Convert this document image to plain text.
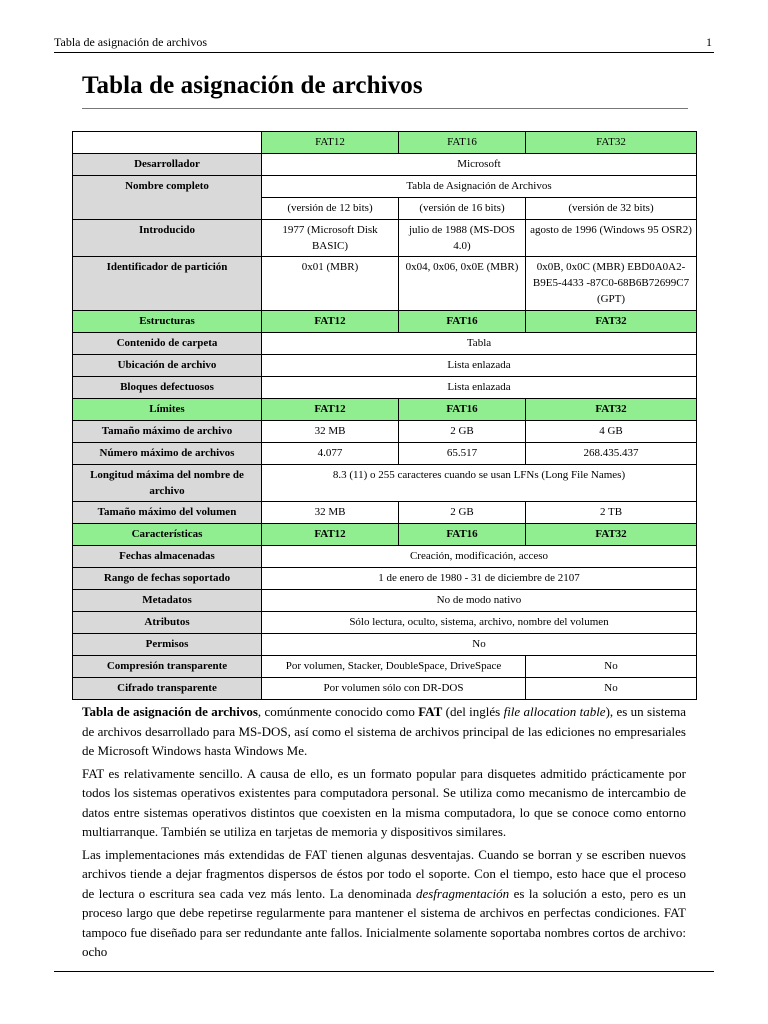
Tabla de asignación de archivos	1
Tabla de asignación de archivos
	FAT12	FAT16	FAT32
Desarrollador	Microsoft		
Nombre completo	Tabla de Asignación de Archivos		
	(versión de 12 bits)	(versión de 16 bits)	(versión de 32 bits)
Introducido	1977 (Microsoft Disk BASIC)	julio de 1988 (MS-DOS 4.0)	agosto de 1996 (Windows 95 OSR2)
Identificador de partición	0x01 (MBR)	0x04, 0x06, 0x0E (MBR)	0x0B, 0x0C (MBR) EBD0A0A2-B9E5-4433 -87C0-68B6B72699C7 (GPT)
Estructuras	FAT12	FAT16	FAT32
Contenido de carpeta	Tabla		
Ubicación de archivo	Lista enlazada		
Bloques defectuosos	Lista enlazada		
Límites	FAT12	FAT16	FAT32
Tamaño máximo de archivo	32 MB	2 GB	4 GB
Número máximo de archivos	4.077	65.517	268.435.437
Longitud máxima del nombre de archivo	8.3 (11) o 255 caracteres cuando se usan LFNs (Long File Names)		
Tamaño máximo del volumen	32 MB	2 GB	2 TB
Características	FAT12	FAT16	FAT32
Fechas almacenadas	Creación, modificación, acceso		
Rango de fechas soportado	1 de enero de 1980 - 31 de diciembre de 2107		
Metadatos	No de modo nativo		
Atributos	Sólo lectura, oculto, sistema, archivo, nombre del volumen		
Permisos	No		
Compresión transparente	Por volumen, Stacker, DoubleSpace, DriveSpace		No
Cifrado transparente	Por volumen sólo con DR-DOS		No

Tabla de asignación de archivos, comúnmente conocido como FAT (del inglés file allocation table), es un sistema de archivos desarrollado para MS-DOS, así como el sistema de archivos principal de las ediciones no empresariales de Microsoft Windows hasta Windows Me.

FAT es relativamente sencillo. A causa de ello, es un formato popular para disquetes admitido prácticamente por todos los sistemas operativos existentes para computadora personal. Se utiliza como mecanismo de intercambio de datos entre sistemas operativos distintos que coexisten en la misma computadora, lo que se conoce como entorno multiarranque. También se utiliza en tarjetas de memoria y dispositivos similares.

Las implementaciones más extendidas de FAT tienen algunas desventajas. Cuando se borran y se escriben nuevos archivos tiende a dejar fragmentos dispersos de éstos por todo el soporte. Con el tiempo, esto hace que el proceso de lectura o escritura sea cada vez más lento. La denominada desfragmentación es la solución a esto, pero es un proceso largo que debe repetirse regularmente para mantener el sistema de archivos en perfectas condiciones. FAT tampoco fue diseñado para ser redundante ante fallos. Inicialmente solamente soportaba nombres cortos de archivo: ocho
